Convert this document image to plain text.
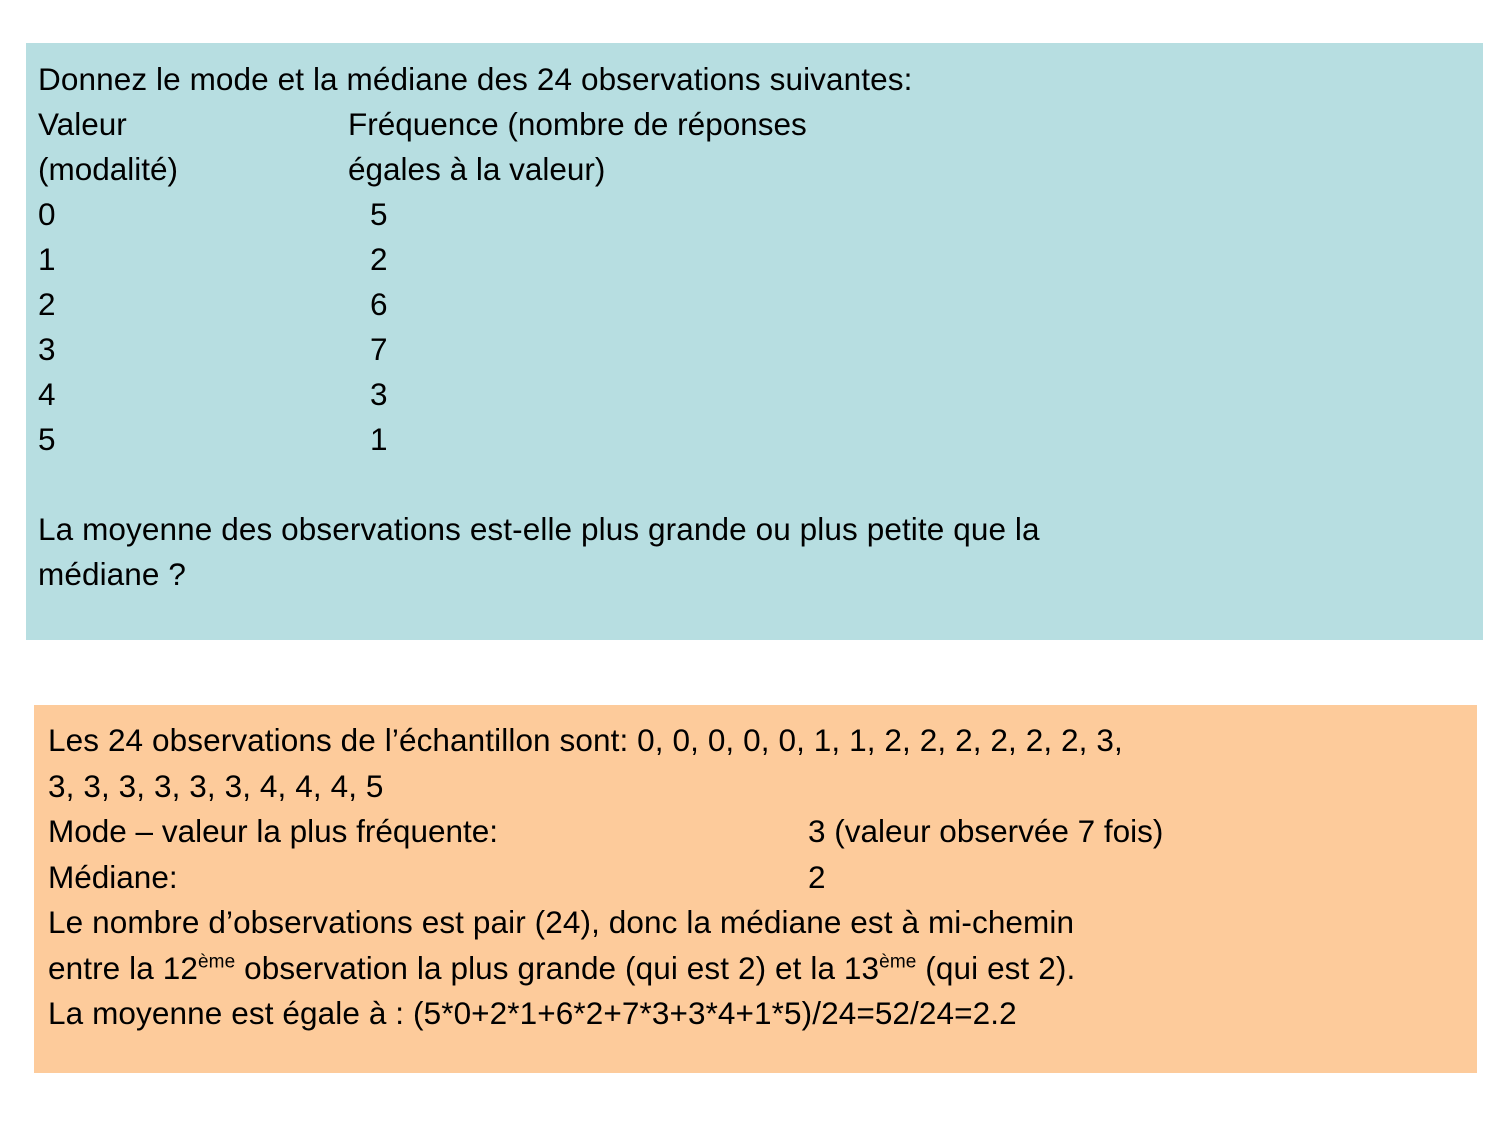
Donnez le mode et la médiane des 24 observations suivantes:
Valeur	Fréquence (nombre de réponses
(modalité)	égales à la valeur)
0	5
1	2
2	6
3	7
4	3
5	1
La moyenne des observations est-elle plus grande ou plus petite que la
médiane ?
Les 24 observations de l’échantillon sont: 0, 0, 0, 0, 0, 1, 1, 2, 2, 2, 2, 2, 2, 3,
3, 3, 3, 3, 3, 3, 4, 4, 4, 5
Mode – valeur la plus fréquente:	3 (valeur observée 7 fois)
Médiane:	2
Le nombre d’observations est pair (24), donc la médiane est à mi-chemin
entre la 12ème observation la plus grande (qui est 2) et la 13ème (qui est 2).
La moyenne est égale à : (5*0+2*1+6*2+7*3+3*4+1*5)/24=52/24=2.2
